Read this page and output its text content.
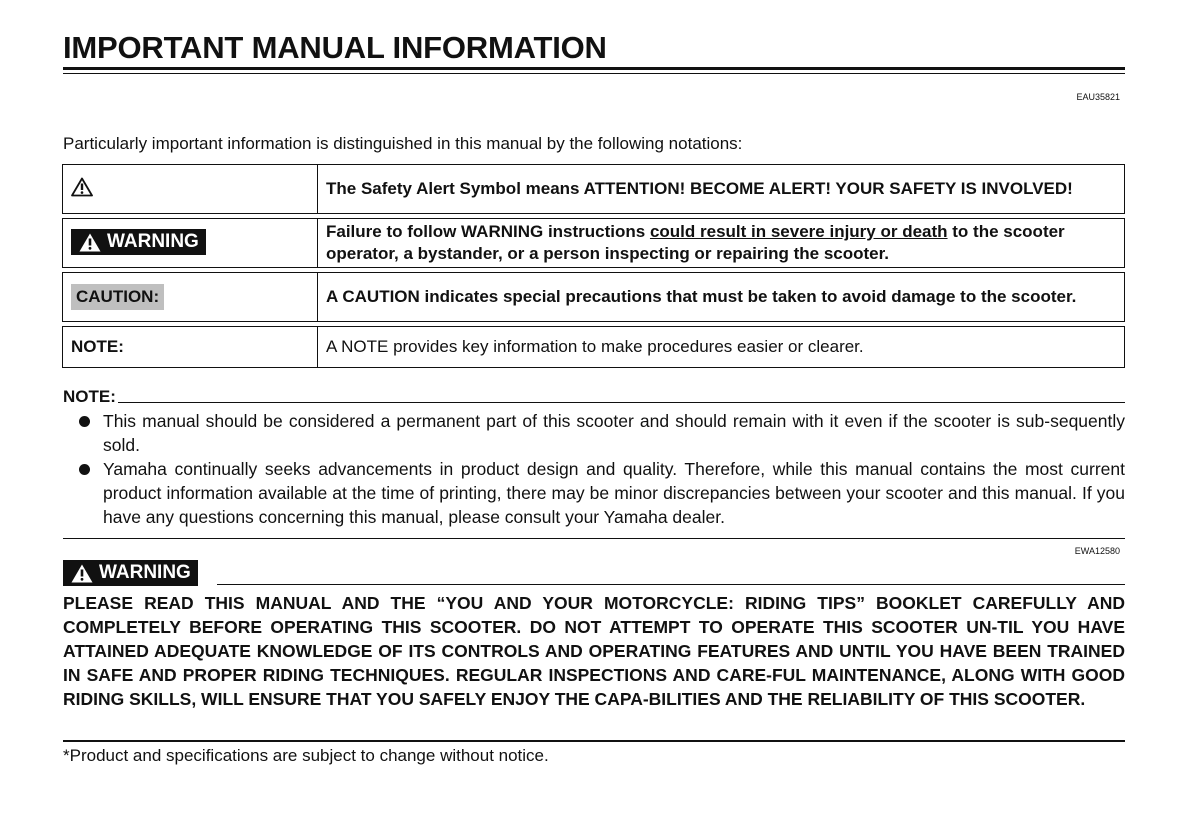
IMPORTANT MANUAL INFORMATION
EAU35821
Particularly important information is distinguished in this manual by the following notations:
	The Safety Alert Symbol means ATTENTION! BECOME ALERT! YOUR SAFETY IS INVOLVED!

WARNING	Failure to follow WARNING instructions could result in severe injury or death to the scooter operator, a bystander, or a person inspecting or repairing the scooter.
CAUTION:	A CAUTION indicates special precautions that must be taken to avoid damage to the scooter.
NOTE:	A NOTE provides key information to make procedures easier or clearer.
NOTE:
This manual should be considered a permanent part of this scooter and should remain with it even if the scooter is sub-sequently sold.
Yamaha continually seeks advancements in product design and quality. Therefore, while this manual contains the most current product information available at the time of printing, there may be minor discrepancies between your scooter and this manual. If you have any questions concerning this manual, please consult your Yamaha dealer.
EWA12580
WARNING
PLEASE READ THIS MANUAL AND THE “YOU AND YOUR MOTORCYCLE: RIDING TIPS” BOOKLET CAREFULLY AND COMPLETELY BEFORE OPERATING THIS SCOOTER. DO NOT ATTEMPT TO OPERATE THIS SCOOTER UN-TIL YOU HAVE ATTAINED ADEQUATE KNOWLEDGE OF ITS CONTROLS AND OPERATING FEATURES AND UNTIL YOU HAVE BEEN TRAINED IN SAFE AND PROPER RIDING TECHNIQUES. REGULAR INSPECTIONS AND CARE-FUL MAINTENANCE, ALONG WITH GOOD RIDING SKILLS, WILL ENSURE THAT YOU SAFELY ENJOY THE CAPA-BILITIES AND THE RELIABILITY OF THIS SCOOTER.
*Product and specifications are subject to change without notice.
